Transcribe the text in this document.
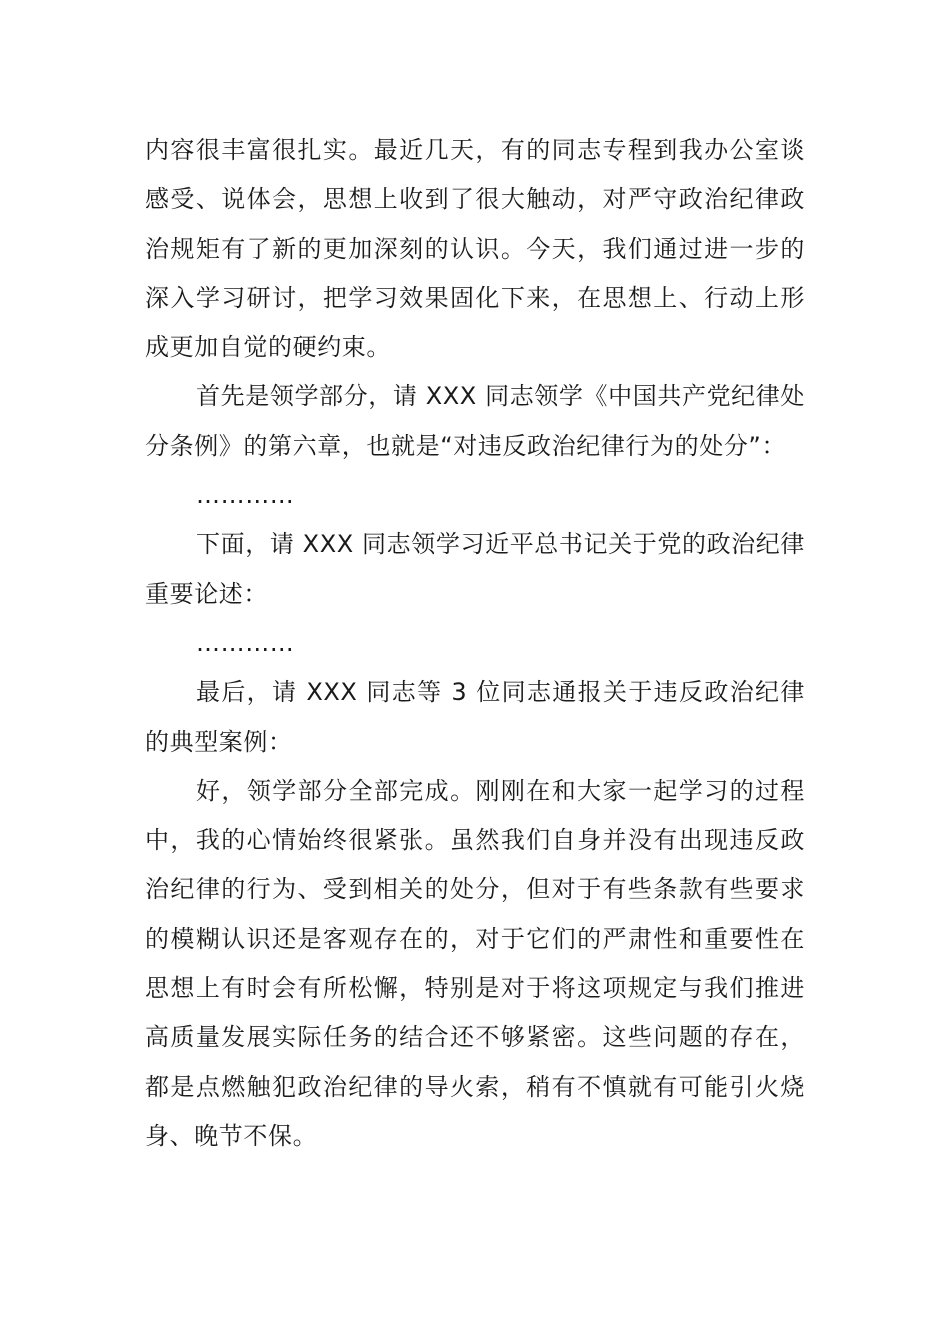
内容很丰富很扎实。最近几天，有的同志专程到我办公室谈感受、说体会，思想上收到了很大触动，对严守政治纪律政治规矩有了新的更加深刻的认识。今天，我们通过进一步的深入学习研讨，把学习效果固化下来，在思想上、行动上形成更加自觉的硬约束。

首先是领学部分，请 XXX 同志领学《中国共产党纪律处分条例》的第六章，也就是“对违反政治纪律行为的处分”：

…………

下面，请 XXX 同志领学习近平总书记关于党的政治纪律重要论述：

…………

最后，请 XXX 同志等 3 位同志通报关于违反政治纪律的典型案例：

好，领学部分全部完成。刚刚在和大家一起学习的过程中，我的心情始终很紧张。虽然我们自身并没有出现违反政治纪律的行为、受到相关的处分，但对于有些条款有些要求的模糊认识还是客观存在的，对于它们的严肃性和重要性在思想上有时会有所松懈，特别是对于将这项规定与我们推进高质量发展实际任务的结合还不够紧密。这些问题的存在，都是点燃触犯政治纪律的导火索，稍有不慎就有可能引火烧身、晚节不保。
